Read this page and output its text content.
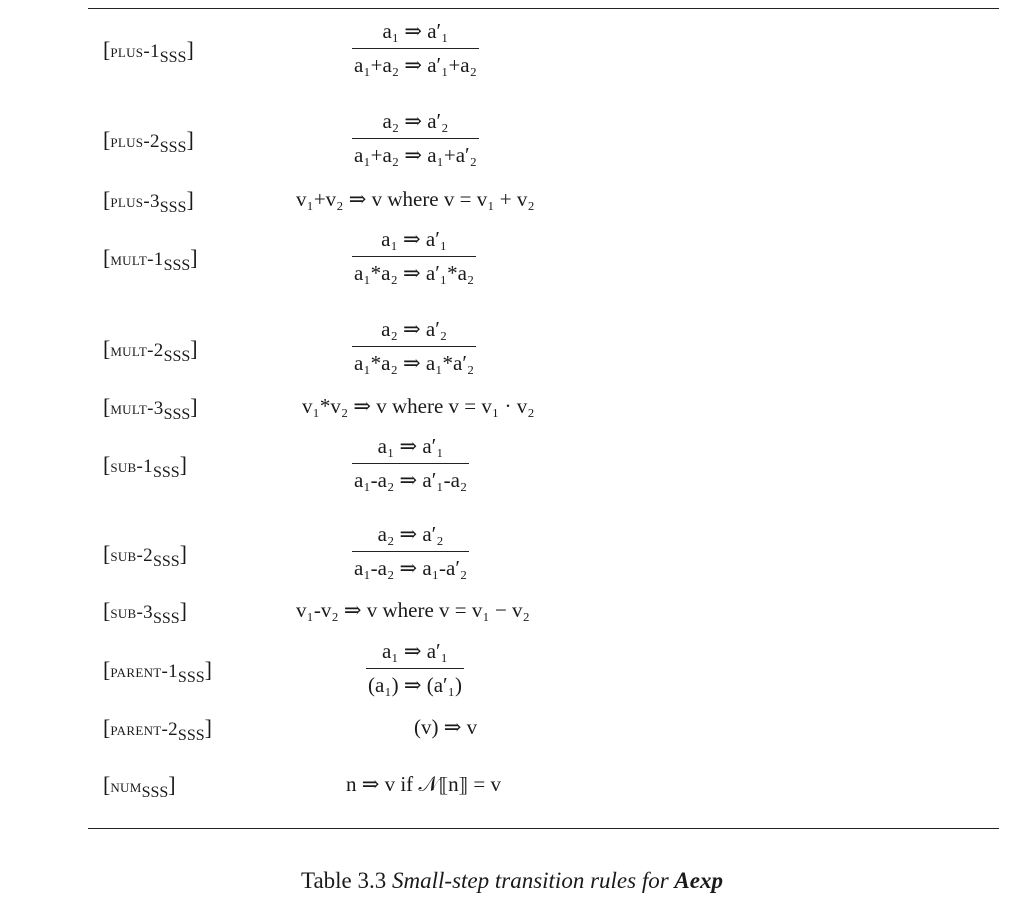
$[plus-1_{SSS}]$
a₁ ⇒ a′₁
a₁+a₂ ⇒ a′₁+a₂
$[plus-2_{SSS}]$
a₂ ⇒ a′₂
a₁+a₂ ⇒ a₁+a′₂
$[plus-3_{SSS}]$	v₁+v₂ ⇒ v where v = v₁ + v₂
$[mult-1_{SSS}]$
a₁ ⇒ a′₁
a₁*a₂ ⇒ a′₁*a₂
$[mult-2_{SSS}]$
a₂ ⇒ a′₂
a₁*a₂ ⇒ a₁*a′₂
$[mult-3_{SSS}]$	v₁*v₂ ⇒ v where v = v₁ · v₂
$[sub-1_{SSS}]$
a₁ ⇒ a′₁
a₁-a₂ ⇒ a′₁-a₂
$[sub-2_{SSS}]$
a₂ ⇒ a′₂
a₁-a₂ ⇒ a₁-a′₂
$[sub-3_{SSS}]$	v₁-v₂ ⇒ v where v = v₁ − v₂
$[parent-1_{SSS}]$
a₁ ⇒ a′₁
(a₁) ⇒ (a′₁)
$[parent-2_{SSS}]$	(v) ⇒ v
[num$_{SSS}$]	n ⇒ v if 𝒩⟦n⟧ = v
Table 3.3 Small-step transition rules for Aexp
